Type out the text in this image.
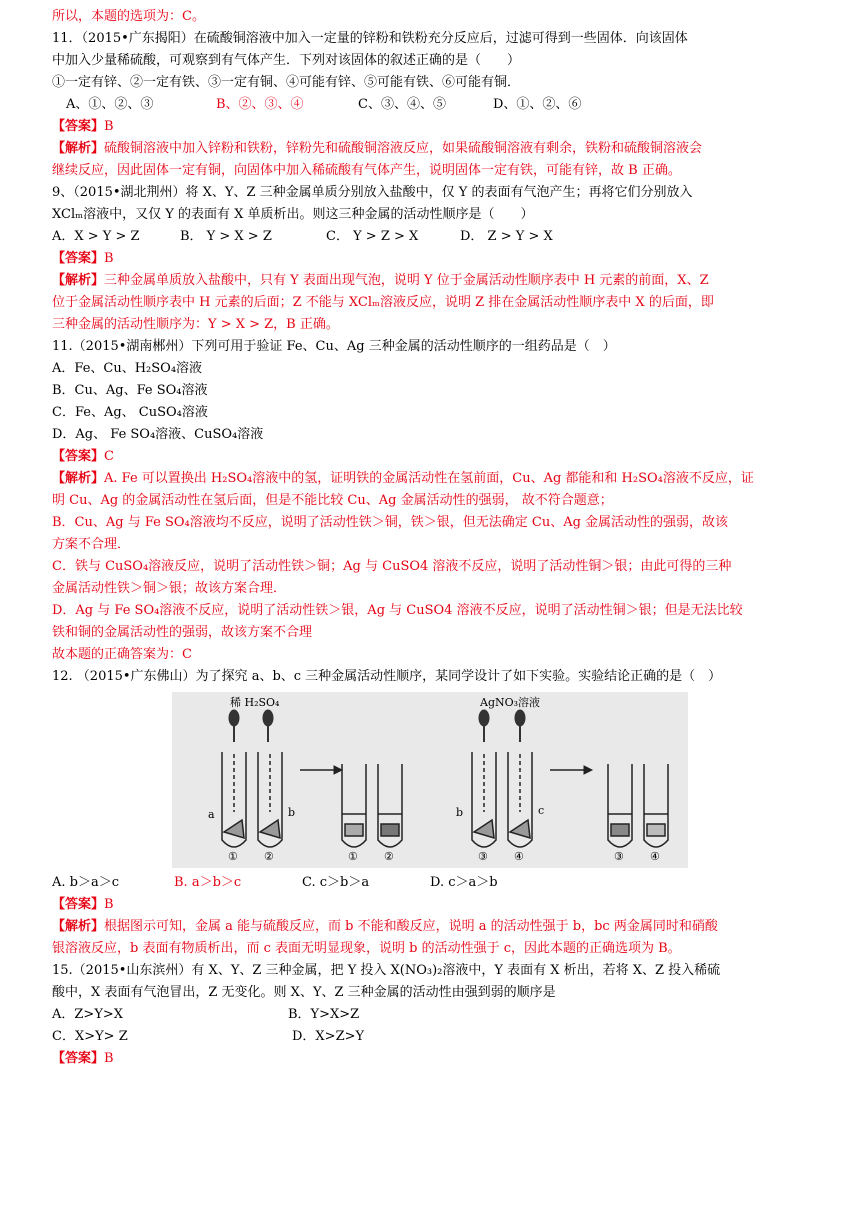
所以，本题的选项为：C。
11．（2015•广东揭阳）在硫酸铜溶液中加入一定量的锌粉和铁粉充分反应后，过滤可得到一些固体．向该固体
中加入少量稀硫酸，可观察到有气体产生．下列对该固体的叙述正确的是（　　）
①一定有锌、②一定有铁、③一定有铜、④可能有锌、⑤可能有铁、⑥可能有铜．
A、①、②、③	B、②、③、④	C、③、④、⑤	D、①、②、⑥
【答案】B
【解析】硫酸铜溶液中加入锌粉和铁粉，锌粉先和硫酸铜溶液反应，如果硫酸铜溶液有剩余，铁粉和硫酸铜溶液会
继续反应，因此固体一定有铜，向固体中加入稀硫酸有气体产生，说明固体一定有铁，可能有锌，故 B 正确。
9、（2015•湖北荆州）将 X、Y、Z 三种金属单质分别放入盐酸中，仅 Y 的表面有气泡产生；再将它们分别放入
XClₘ溶液中，又仅 Y 的表面有 X 单质析出。则这三种金属的活动性顺序是（　　）
A．X > Y > Z	B． Y > X > Z	C． Y > Z > X	D． Z > Y > X
【答案】B
【解析】三种金属单质放入盐酸中，只有 Y 表面出现气泡，说明 Y 位于金属活动性顺序表中 H 元素的前面，X、Z
位于金属活动性顺序表中 H 元素的后面；Z 不能与 XClₘ溶液反应，说明 Z 排在金属活动性顺序表中 X 的后面，即
三种金属的活动性顺序为：Y > X > Z，B 正确。
11.（2015•湖南郴州）下列可用于验证 Fe、Cu、Ag 三种金属的活动性顺序的一组药品是（　）
A．Fe、Cu、H₂SO₄溶液
B．Cu、Ag、Fe SO₄溶液
C．Fe、Ag、 CuSO₄溶液
D．Ag、 Fe SO₄溶液、CuSO₄溶液
【答案】C
【解析】A. Fe 可以置换出 H₂SO₄溶液中的氢，证明铁的金属活动性在氢前面，Cu、Ag 都能和和 H₂SO₄溶液不反应，证
明 Cu、Ag 的金属活动性在氢后面，但是不能比较 Cu、Ag 金属活动性的强弱， 故不符合题意；
B．Cu、Ag 与 Fe SO₄溶液均不反应，说明了活动性铁＞铜，铁＞银，但无法确定 Cu、Ag 金属活动性的强弱，故该
方案不合理．
C．铁与 CuSO₄溶液反应，说明了活动性铁＞铜；Ag 与 CuSO4 溶液不反应，说明了活动性铜＞银；由此可得的三种
金属活动性铁＞铜＞银；故该方案合理．
D．Ag 与 Fe SO₄溶液不反应，说明了活动性铁＞银，Ag 与 CuSO4 溶液不反应，说明了活动性铜＞银；但是无法比较
铁和铜的金属活动性的强弱，故该方案不合理
故本题的正确答案为：C
12. （2015•广东佛山）为了探究 a、b、c 三种金属活动性顺序，某同学设计了如下实验。实验结论正确的是（　）
稀 H₂SO₄	AgNO₃溶液
a	b
① ②	① ②
b	c
③ ④	③ ④
A. b＞a＞c	B. a＞b＞c	C. c＞b＞a	D. c＞a＞b
【答案】B
【解析】根据图示可知，金属 a 能与硫酸反应，而 b 不能和酸反应，说明 a 的活动性强于 b，bc 两金属同时和硝酸
银溶液反应，b 表面有物质析出，而 c 表面无明显现象，说明 b 的活动性强于 c，因此本题的正确选项为 B。
15.（2015•山东滨州）有 X、Y、Z 三种金属，把 Y 投入 X(NO₃)₂溶液中，Y 表面有 X 析出，若将 X、Z 投入稀硫
酸中，X 表面有气泡冒出，Z 无变化。则 X、Y、Z 三种金属的活动性由强到弱的顺序是
A．Z>Y>X	B．Y>X>Z
C．X>Y> Z	D．X>Z>Y
【答案】B
